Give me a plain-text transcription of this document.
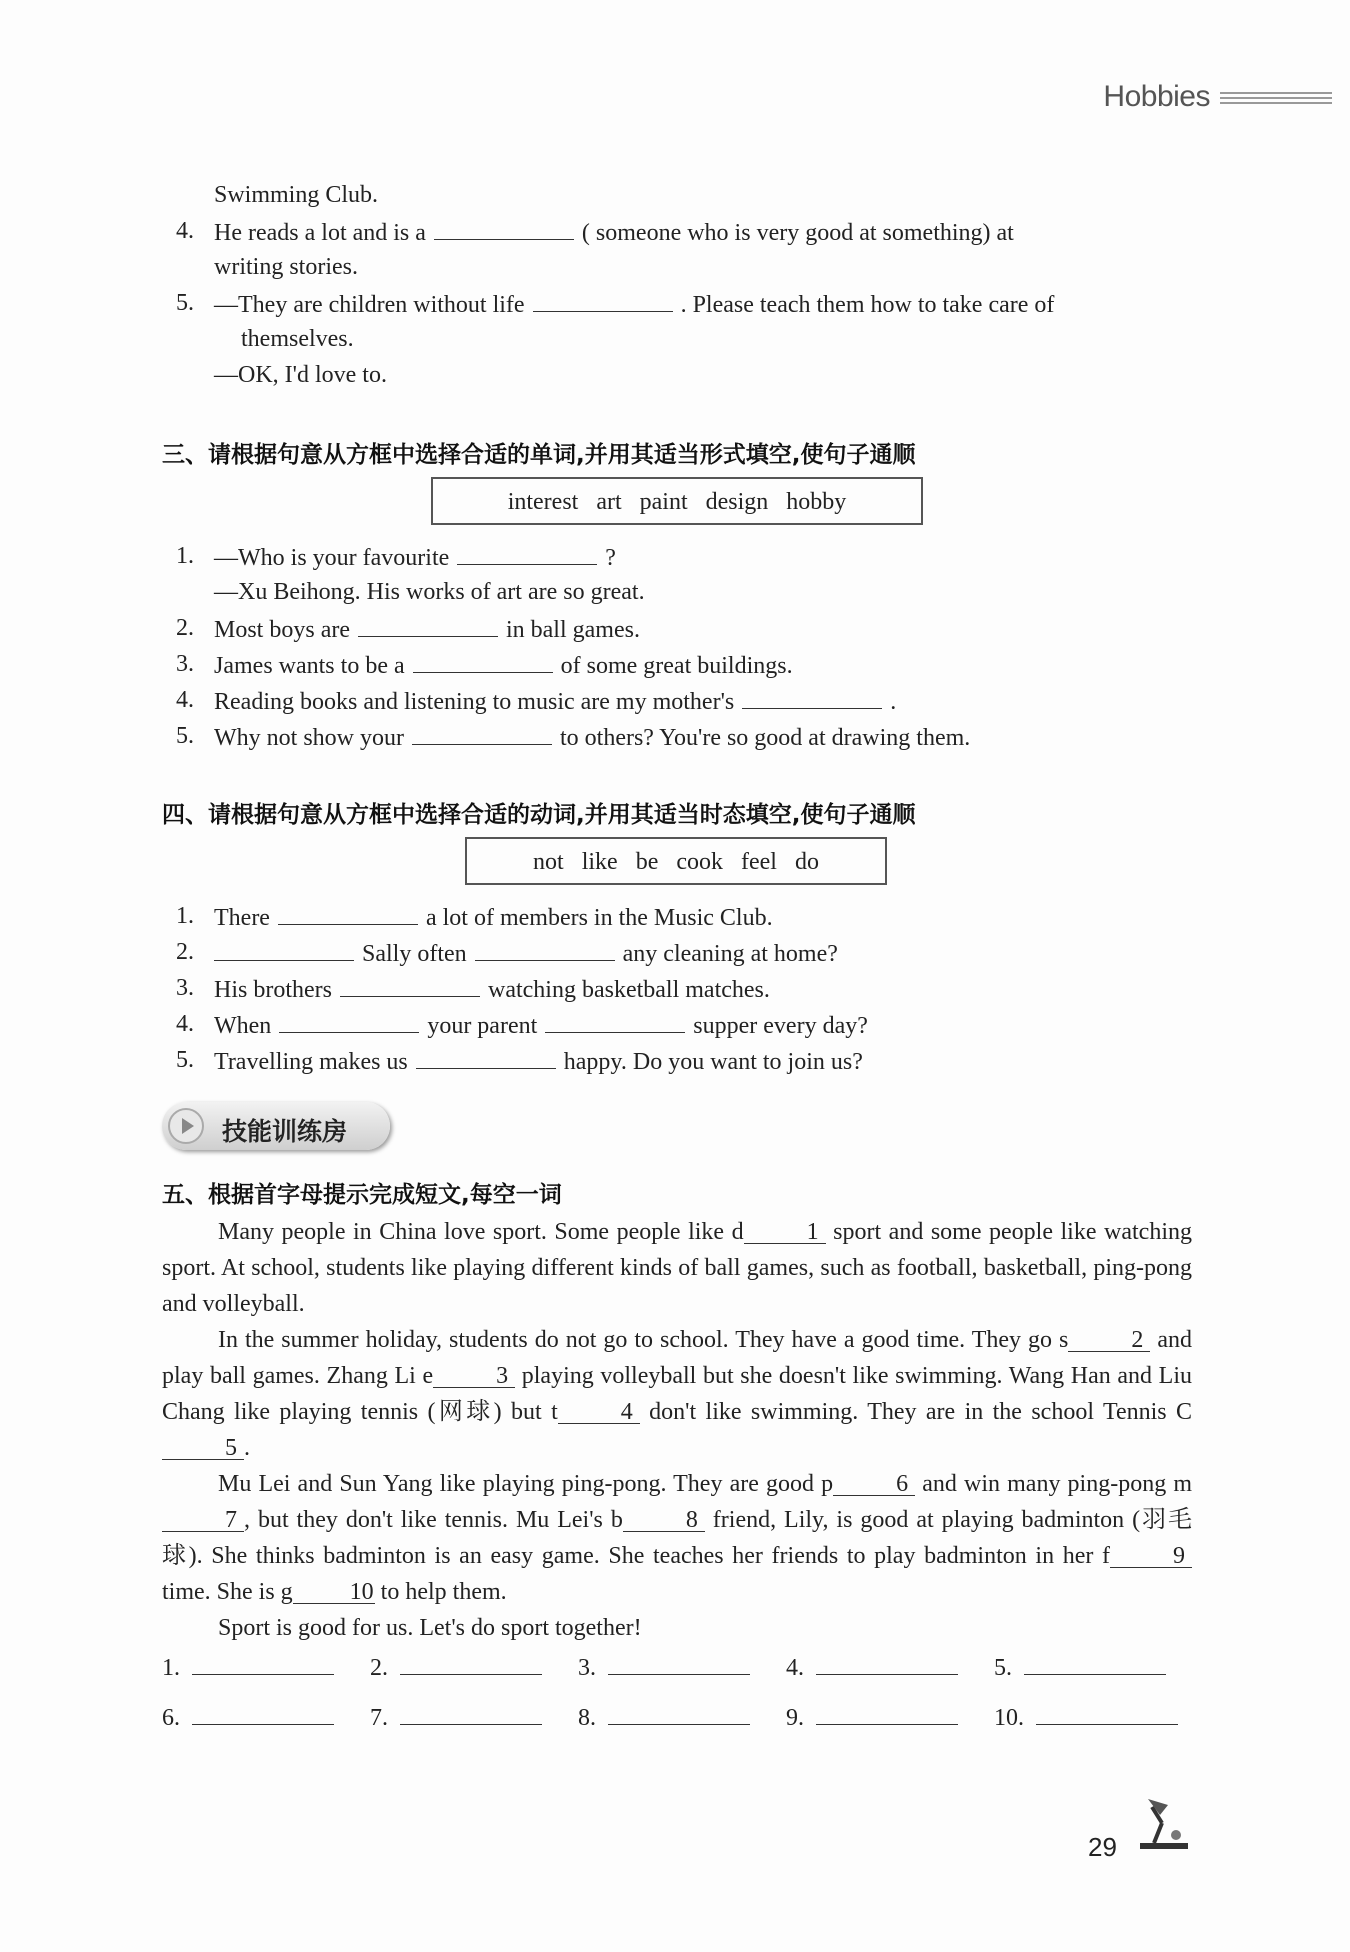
Hobbies
Swimming Club.
4. He reads a lot and is a	( someone who is very good at something) at
writing stories.
5. —They are children without life	. Please teach them how to take care of
themselves.
—OK, I'd love to.
三、请根据句意从方框中选择合适的单词,并用其适当形式填空,使句子通顺
interest art paint design hobby
1. —Who is your favourite	?
—Xu Beihong. His works of art are so great.
2. Most boys are	in ball games.
3. James wants to be a	of some great buildings.
4. Reading books and listening to music are my mother's	.
5. Why not show your	to others? You're so good at drawing them.
四、请根据句意从方框中选择合适的动词,并用其适当时态填空,使句子通顺
not like be cook feel do
1. There	a lot of members in the Music Club.
2.	Sally often	any cleaning at home?
3. His brothers	watching basketball matches.
4. When	your parent	supper every day?
5. Travelling makes us	happy. Do you want to join us?
技能训练房
五、根据首字母提示完成短文,每空一词

Many people in China love sport. Some people like d	1 sport and some people like watching sport. At school, students like playing different kinds of ball games, such as football, basketball, ping-pong and volleyball.

In the summer holiday, students do not go to school. They have a good time. They go s	2 and play ball games. Zhang Li e	3 playing volleyball but she doesn't like swimming. Wang Han and Liu Chang like playing tennis (网球) but t	4 don't like swimming. They are in the school Tennis C5 .

Mu Lei and Sun Yang like playing ping-pong. They are good p	6 and win many ping-pong m7 , but they don't like tennis. Mu Lei's b	8 friend, Lily, is good at playing badminton (羽毛球). She thinks badminton is an easy game. She teaches her friends to play badminton in her f	9 time. She is g 10 to help them.

Sport is good for us. Let's do sport together!

1.	2.	3.	4.	5.
6.	7.	8.	9.	10.
29
